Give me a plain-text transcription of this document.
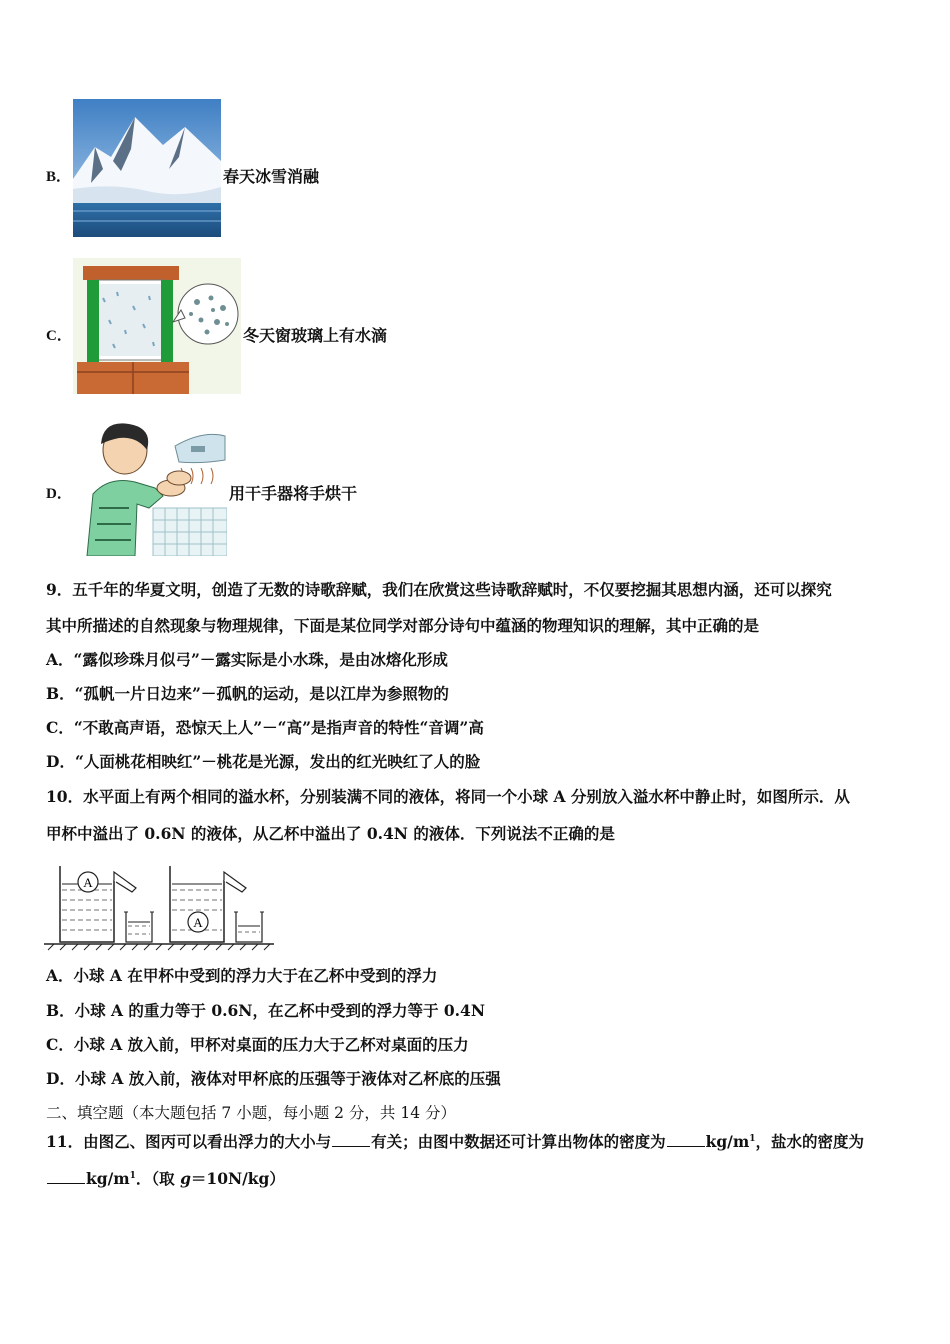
B．	春天冰雪消融
C．	冬天窗玻璃上有水滴
D．	用干手器将手烘干
9．五千年的华夏文明，创造了无数的诗歌辞赋，我们在欣赏这些诗歌辞赋时，不仅要挖掘其思想内涵，还可以探究
其中所描述的自然现象与物理规律，下面是某位同学对部分诗句中蕴涵的物理知识的理解，其中正确的是
A．“露似珍珠月似弓”－露实际是小水珠，是由冰熔化形成
B．“孤帆一片日边来”－孤帆的运动，是以江岸为参照物的
C．“不敢高声语，恐惊天上人”－“高”是指声音的特性“音调”高
D．“人面桃花相映红”－桃花是光源，发出的红光映红了人的脸
10．水平面上有两个相同的溢水杯，分别装满不同的液体，将同一个小球 A 分别放入溢水杯中静止时，如图所示．从
甲杯中溢出了 0.6N 的液体，从乙杯中溢出了 0.4N 的液体．下列说法不正确的是
A
A
A．小球 A 在甲杯中受到的浮力大于在乙杯中受到的浮力
B．小球 A 的重力等于 0.6N，在乙杯中受到的浮力等于 0.4N
C．小球 A 放入前，甲杯对桌面的压力大于乙杯对桌面的压力
D．小球 A 放入前，液体对甲杯底的压强等于液体对乙杯底的压强
二、填空题（本大题包括 7 小题，每小题 2 分，共 14 分）
11．由图乙、图丙可以看出浮力的大小与	有关；由图中数据还可计算出物体的密度为	$kg/m^1$，盐水的密度为
$kg/m^1$．（取 g＝10N/kg）
